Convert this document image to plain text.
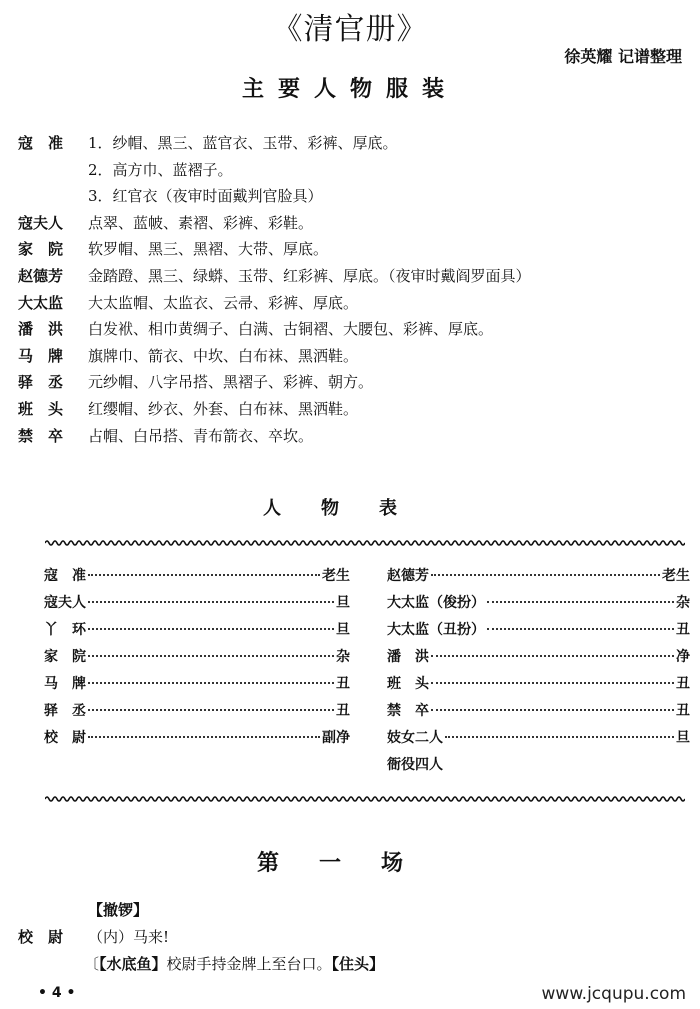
《清官册》
徐英耀 记谱整理
主要人物服装
寇　准	1．纱帽、黑三、蓝官衣、玉带、彩裤、厚底。
2．高方巾、蓝褶子。
3．红官衣（夜审时面戴判官脸具）
寇夫人	点翠、蓝帔、素褶、彩裤、彩鞋。
家　院	软罗帽、黑三、黑褶、大带、厚底。
赵德芳	金踏蹬、黑三、绿蟒、玉带、红彩裤、厚底。（夜审时戴阎罗面具）
大太监	大太监帽、太监衣、云帚、彩裤、厚底。
潘　洪	白发袱、相巾黄绸子、白满、古铜褶、大腰包、彩裤、厚底。
马　牌	旗牌巾、箭衣、中坎、白布袜、黑洒鞋。
驿　丞	元纱帽、八字吊搭、黑褶子、彩裤、朝方。
班　头	红缨帽、纱衣、外套、白布袜、黑洒鞋。
禁　卒	占帽、白吊搭、青布箭衣、卒坎。
人物表
寇　准	老生
寇夫人	旦
丫　环	旦
家　院	杂
马　牌	丑
驿　丞	丑
校　尉	副净
赵德芳	老生
大太监（俊扮）	杂
大太监（丑扮）	丑
潘　洪	净
班　头	丑
禁　卒	丑
妓女二人	旦
衙役四人
第一场
【撤锣】
校　尉	（内）马来!
〔【水底鱼】校尉手持金牌上至台口。【住头】
• 4 •	www.jcqupu.com
